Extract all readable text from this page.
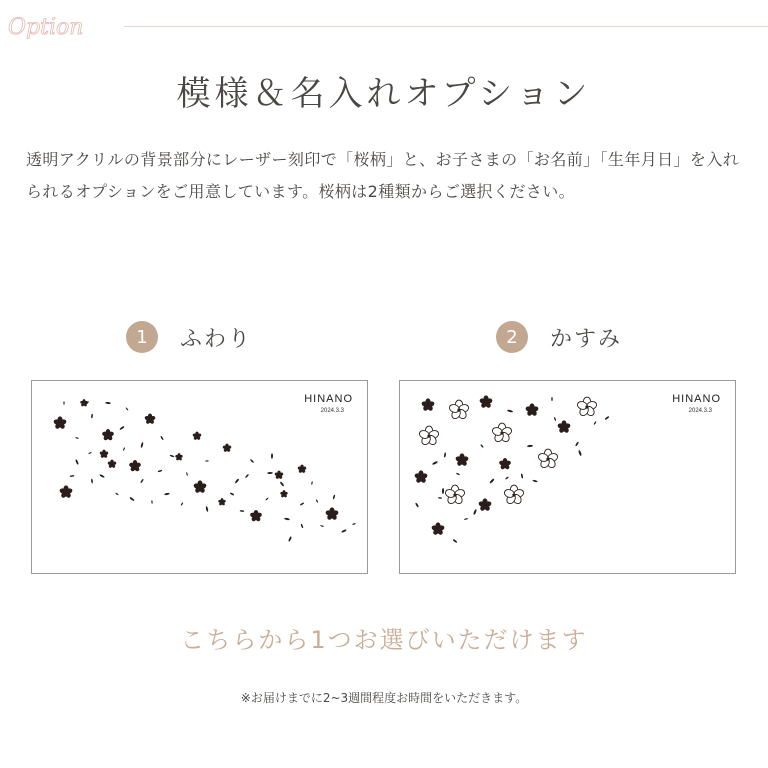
Option
模様＆名入れオプション
透明アクリルの背景部分にレーザー刻印で「桜柄」と、お子さまの「お名前」「生年月日」を入れられるオプションをご用意しています。桜柄は2種類からご選択ください。
1	ふわり
HINANO
2024.3.3
2	かすみ
HINANO
2024.3.3
こちらから1つお選びいただけます
※お届けまでに2~3週間程度お時間をいただきます。
